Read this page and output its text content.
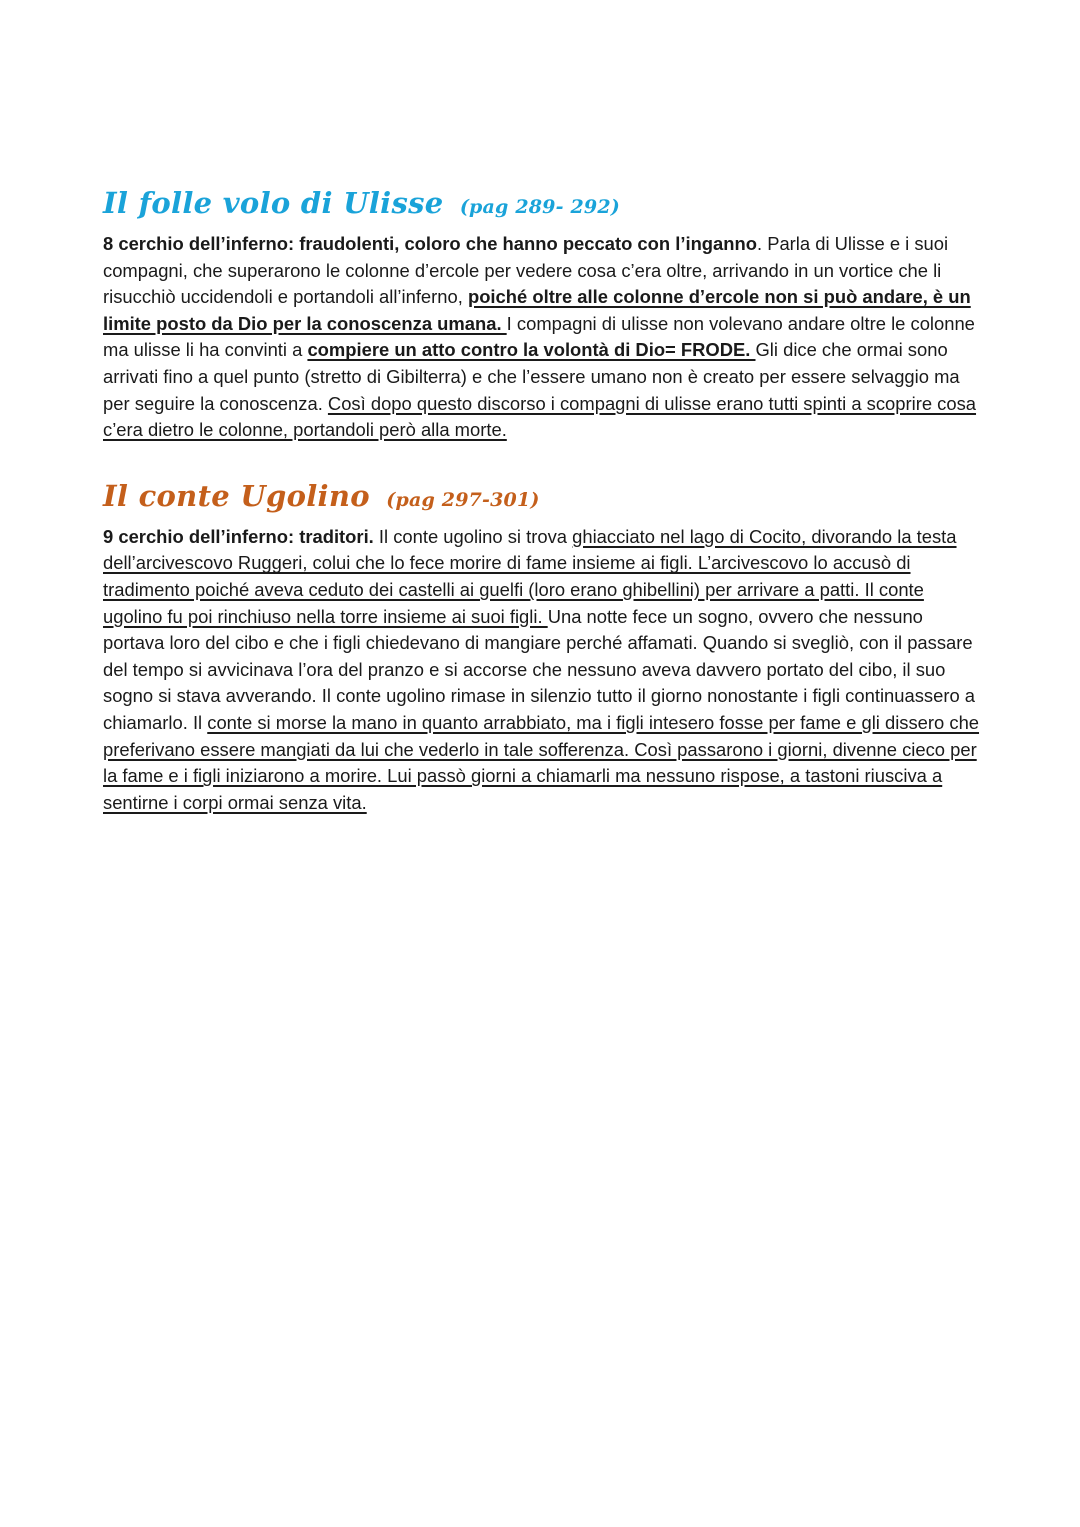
Il folle volo di Ulisse (pag 289- 292)

8 cerchio dell’inferno: fraudolenti, coloro che hanno peccato con l’inganno. Parla di Ulisse e i suoi compagni, che superarono le colonne d’ercole per vedere cosa c’era oltre, arrivando in un vortice che li risucchiò uccidendoli e portandoli all’inferno, poiché oltre alle colonne d’ercole non si può andare, è un limite posto da Dio per la conoscenza umana. I compagni di ulisse non volevano andare oltre le colonne ma ulisse li ha convinti a compiere un atto contro la volontà di Dio= FRODE. Gli dice che ormai sono arrivati fino a quel punto (stretto di Gibilterra) e che l’essere umano non è creato per essere selvaggio ma per seguire la conoscenza. Così dopo questo discorso i compagni di ulisse erano tutti spinti a scoprire cosa c’era dietro le colonne, portandoli però alla morte.

Il conte Ugolino (pag 297-301)

9 cerchio dell’inferno: traditori. Il conte ugolino si trova ghiacciato nel lago di Cocito, divorando la testa dell’arcivescovo Ruggeri, colui che lo fece morire di fame insieme ai figli. L’arcivescovo lo accusò di tradimento poiché aveva ceduto dei castelli ai guelfi (loro erano ghibellini) per arrivare a patti. Il conte ugolino fu poi rinchiuso nella torre insieme ai suoi figli. Una notte fece un sogno, ovvero che nessuno portava loro del cibo e che i figli chiedevano di mangiare perché affamati. Quando si svegliò, con il passare del tempo si avvicinava l’ora del pranzo e si accorse che nessuno aveva davvero portato del cibo, il suo sogno si stava avverando. Il conte ugolino rimase in silenzio tutto il giorno nonostante i figli continuassero a chiamarlo. Il conte si morse la mano in quanto arrabbiato, ma i figli intesero fosse per fame e gli dissero che preferivano essere mangiati da lui che vederlo in tale sofferenza. Così passarono i giorni, divenne cieco per la fame e i figli iniziarono a morire. Lui passò giorni a chiamarli ma nessuno rispose, a tastoni riusciva a sentirne i corpi ormai senza vita.
